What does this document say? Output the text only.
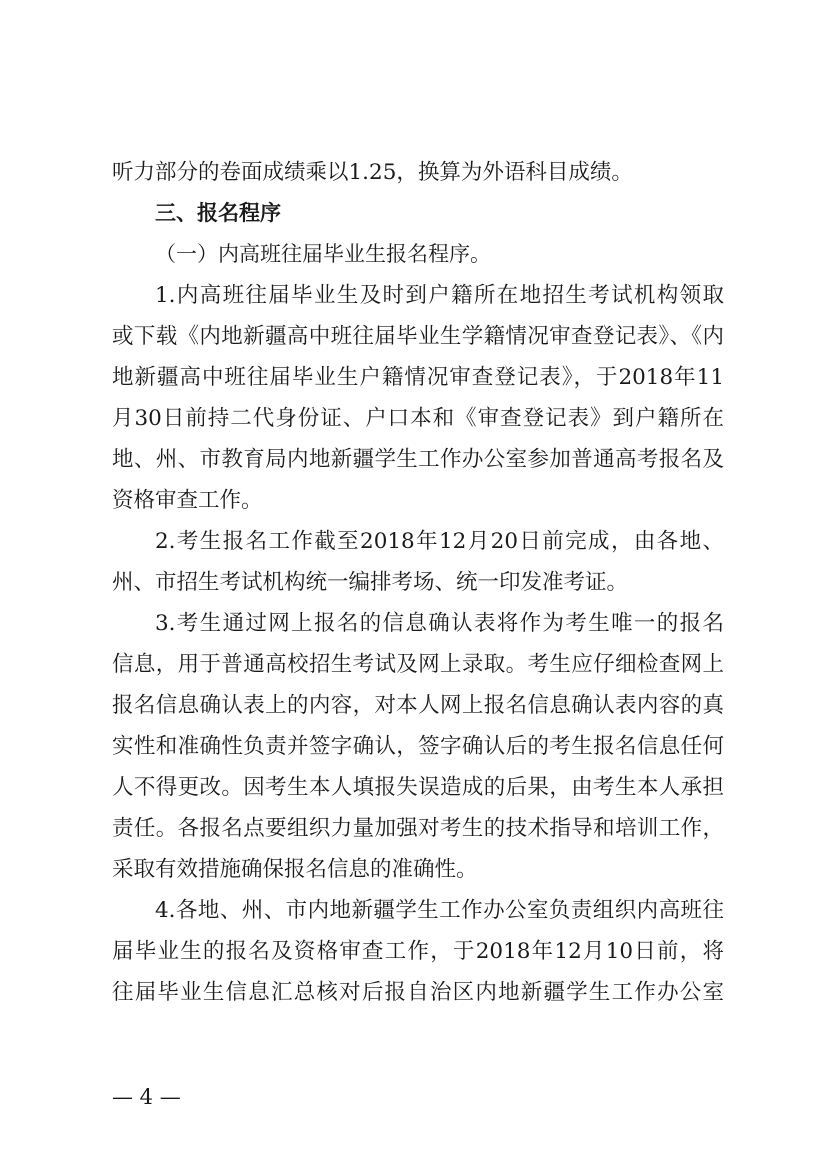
听力部分的卷面成绩乘以1.25，换算为外语科目成绩。
三、报名程序
（一）内高班往届毕业生报名程序。
1.内高班往届毕业生及时到户籍所在地招生考试机构领取
或下载《内地新疆高中班往届毕业生学籍情况审查登记表》、《内
地新疆高中班往届毕业生户籍情况审查登记表》，于2018年11
月30日前持二代身份证、户口本和《审查登记表》到户籍所在
地、州、市教育局内地新疆学生工作办公室参加普通高考报名及
资格审查工作。
2.考生报名工作截至2018年12月20日前完成，由各地、
州、市招生考试机构统一编排考场、统一印发准考证。
3.考生通过网上报名的信息确认表将作为考生唯一的报名
信息，用于普通高校招生考试及网上录取。考生应仔细检查网上
报名信息确认表上的内容，对本人网上报名信息确认表内容的真
实性和准确性负责并签字确认，签字确认后的考生报名信息任何
人不得更改。因考生本人填报失误造成的后果，由考生本人承担
责任。各报名点要组织力量加强对考生的技术指导和培训工作，
采取有效措施确保报名信息的准确性。
4.各地、州、市内地新疆学生工作办公室负责组织内高班往
届毕业生的报名及资格审查工作，于2018年12月10日前，将
往届毕业生信息汇总核对后报自治区内地新疆学生工作办公室
— 4 —
